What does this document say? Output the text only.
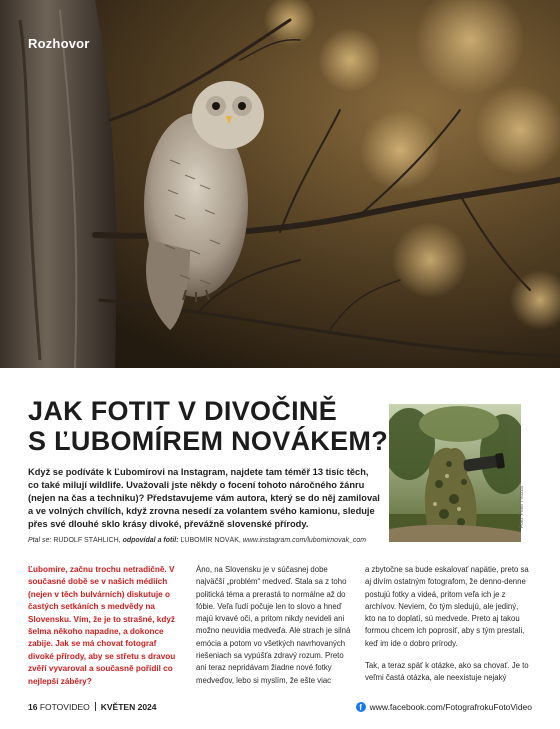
Rozhovor
JAK FOTIT V DIVOČINĚ
S ĽUBOMÍREM NOVÁKEM?

Když se podíváte k Ľubomírovi na Instagram, najdete tam téměř 13 tisíc těch, co také milují wildlife. Uvažovali jste někdy o focení tohoto náročného žánru (nejen na čas a techniku)? Představujeme vám autora, který se do něj zamiloval a ve volných chvílích, když zrovna nesedí za volantem svého kamionu, sleduje přes své dlouhé sklo krásy divoké, převážně slovenské přírody.

Ptal se: RUDOLF STÁHLICH, odpovídal a fotil: ĽUBOMÍR NOVÁK, www.instagram.com/lubomirnovak_com
Foto: Peter Hrozza

Ľubomíre, začnu trochu netradičně. V současné době se v našich médiích (nejen v těch bulvárních) diskutuje o častých setkáních s medvědy na Slovensku. Vím, že je to strašné, když šelma někoho napadne, a dokonce zabije. Jak se má chovat fotograf divoké přírody, aby se střetu s dravou zvěří vyvaroval a současně pořídil co nejlepší záběry?

Áno, na Slovensku je v súčasnej dobe najväčší „problém“ medveď. Stala sa z toho politická téma a prerastá to normálne až do fóbie. Veľa ľudí počuje len to slovo a hneď majú krvavé oči, a pritom nikdy nevideli ani možno neuvidia medveďa. Ale strach je silná emócia a potom vo všetkých navrhovaných riešeniach sa vypúšťa zdravý rozum. Preto ani teraz nepridávam žiadne nové fotky medveďov, lebo si myslím, že ešte viac

a zbytočne sa bude eskalovať napätie, preto sa aj divím ostatným fotografom, že denno-denne postujú fotky a videá, pritom veľa ich je z archívov. Neviem, čo tým sledujú, ale jediný, kto na to doplatí, sú medvede. Preto aj takou formou chcem ich poprosiť, aby s tým prestali, keď im ide o dobro prírody.

Tak, a teraz späť k otázke, ako sa chovať. Je to veľmi častá otázka, ale neexistuje nejaký

16 FOTOVIDEO KVĚTEN 2024	f www.facebook.com/FotografrokuFotoVideo
